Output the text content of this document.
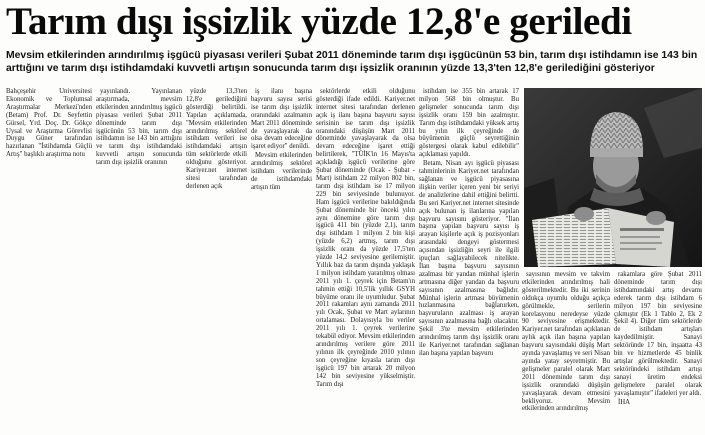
Tarım dışı işsizlik yüzde 12,8'e geriledi

Mevsim etkilerinden arındırılmış işgücü piyasası verileri Şubat 2011 döneminde tarım dışı işgücünün 53 bin, tarım dışı istihdamın ise 143 bin arttığını ve tarım dışı istihdamdaki kuvvetli artışın sonucunda tarım dışı işsizlik oranının yüzde 13,3'ten 12,8'e gerilediğini gösteriyor

Bahçeşehir Üniversitesi Ekonomik ve Toplumsal Araştırmalar Merkezi'nden (Betam) Prof. Dr. Seyfettin Gürsel, Yrd. Doç. Dr. Gökçe Uysal ve Araştırma Görevlisi Duygu Güner tarafından hazırlanan "İstihdamda Güçlü Artış" başlıklı araştırma notu

yayınlandı. Yayınlanan araştırmada, mevsim etkilerinden arındırılmış işgücü piyasası verileri Şubat 2011 döneminde tarım dışı işgücünün 53 bin, tarım dışı istihdamın ise 143 bin arttığını ve tarım dışı istihdamdaki kuvvetli artışın sonucunda tarım dışı işsizlik oranının

yüzde 13,3'ten 12,8'e gerilediğini gösterdiği belirtildi. Yapılan açıklamada, "Mevsim etkilerinden arındırılmış sektörel istihdam verileri ise istihdamdaki artışın tüm sektörlerde etkili olduğunu gösteriyor. Kariyer.net internet sitesi tarafından derlenen açık

iş ilanı başına başvuru sayısı serisi ise tarım dışı işsizlik oranındaki azalmanın Mart 2011 döneminde de yavaşlayarak da olsa devam edeceğine işaret ediyor" denildi.

Mevsim etkilerinden arındırılmış sektörel istihdam verilerinde de istihdamdaki artışın tüm

sektörlerde etkili olduğunu gösterdiği ifade edildi. Kariyer.net internet sitesi tarafından derlenen açık iş ilanı başına başvuru sayısı serisinin ise tarım dışı işsizlik oranındaki düşüşün Mart 2011 döneminde yavaşlayarak da olsa devam edeceğine işaret ettiği belirtilerek, "TÜİK'in 16 Mayıs'ta açıkladığı işgücü verilerine göre Şubat döneminde (Ocak - Şubat - Mart) istihdam 22 milyon 802 bin, tarım dışı istihdam ise 17 milyon 229 bin seviyesinde bulunuyor. Ham işgücü verilerine bakıldığında Şubat döneminde bir önceki yılın aynı dönemine göre tarım dışı işgücü 411 bin (yüzde 2,1), tarım dışı istihdam 1 milyon 2 bin kişi (yüzde 6,2) artmış, tarım dışı işsizlik oranı da yüzde 17,5'ten yüzde 14,2 seviyesine gerilemiştir. Yıllık baz da tarım dışında yaklaşık 1 milyon istihdam yaratılmış olması 2011 yılı 1. çeyrek için Betam'ın tahmin ettiği 10,5'lik yıllık GSYH büyüme oranı ile uyumludur. Şubat 2011 rakamları aynı zamanda 2011 yılı Ocak, Şubat ve Mart aylarının ortalaması. Dolayısıyla bu veriler 2011 yılı 1. çeyrek verilerine tekabül ediyor. Mevsim etkilerinden arındırılmış verilere göre 2011 yılının ilk çeyreğinde 2010 yılının son çeyreğine kıyasla tarım dışı işgücü 197 bin artarak 20 milyon 142 bin seviyesine yükselmiştir. Tarım dışı

istihdam ise 355 bin artarak 17 milyon 568 bin olmuştur. Bu gelişmeler sonucunda tarım dışı işsizlik oranı 159 bin azalmıştır. Tarım dışı istihdamdaki yüksek artış bu yılın ilk çeyreğinde de büyümenin güçlü seyrettiğinin göstergesi olarak kabul edilebilir" açıklaması yapıldı.

Betam, Nisan ayı işgücü piyasası tahminlerinin Kariyer.net tarafından sağlanan ve işgücü piyasasına ilişkin veriler içeren yeni bir seriyi de analizlerine dahil ettiğini belirtti. Bu seri Kariyer.net internet sitesinde açık bulunan iş ilanlarına yapılan başvuru sayısını gösteriyor. "İlan başına yapılan başvuru sayısı iş arayan kişilerle açık iş pozisyonları arasındaki dengeyi göstermesi açısından işsizliğin seyri ile ilgili ipuçları sağlayabilecek nitelikte. İlan başına başvuru sayısının azalması bir yandan münhal işlerin artmasına diğer yandan da başvuru sayısının azalmasına bağlıdır. Münhal işlerin artması büyümenin hızlanmasına bağlanırken, başvuruların azalması iş arayan sayısının azalmasına bağlı olacaktır. Şekil 3'te mevsim etkilerinden arındırılmış tarım dışı işsizlik oranı ile Kariyer.net tarafından sağlanan ilan başına yapılan başvuru

sayısının mevsim ve takvim etkilerinden arındırılmış hali gösterilmektedir. Bu iki serinin oldukça uyumlu olduğu açıkça görülmekle, serilerin korelasyonu neredeyse yüzde 90 seviyesine erişmektedir. Kariyer.net tarafından açıklanan aylık açık ilan başına yapılan başvuru sayısındaki düşüş Mart ayında yavaşlamış ve seri Nisan ayında yatay seyretmiştir. Bu gelişmeler paralel olarak Mart 2011 döneminde tarım dışı işsizlik oranındaki düşüşün yavaşlayarak devam etmesini bekliyoruz. Mevsim etkilerinden arındırılmış

rakamlara göre Şubat 2011 döneminde tarım dışı istihdamındaki artış devamı ederek tarım dışı istihdam 6 milyon 197 bin seviyesine çıkmıştır (Ek 1 Tablo 2, Ek 2 Şekil 4). Diğer tüm sektörlerde de istihdam artışları kaydedilmiştir. Sanayi sektöründe 17 bin, inşaatta 43 bin ve hizmetlerde 45 binlik artışlar görülmektedir. Sanayi sektöründeki istihdam artışı sanayi üretim endeksi gelişmelere paralel olarak yavaşlamıştır" ifadeleri yer aldı.

İHA
